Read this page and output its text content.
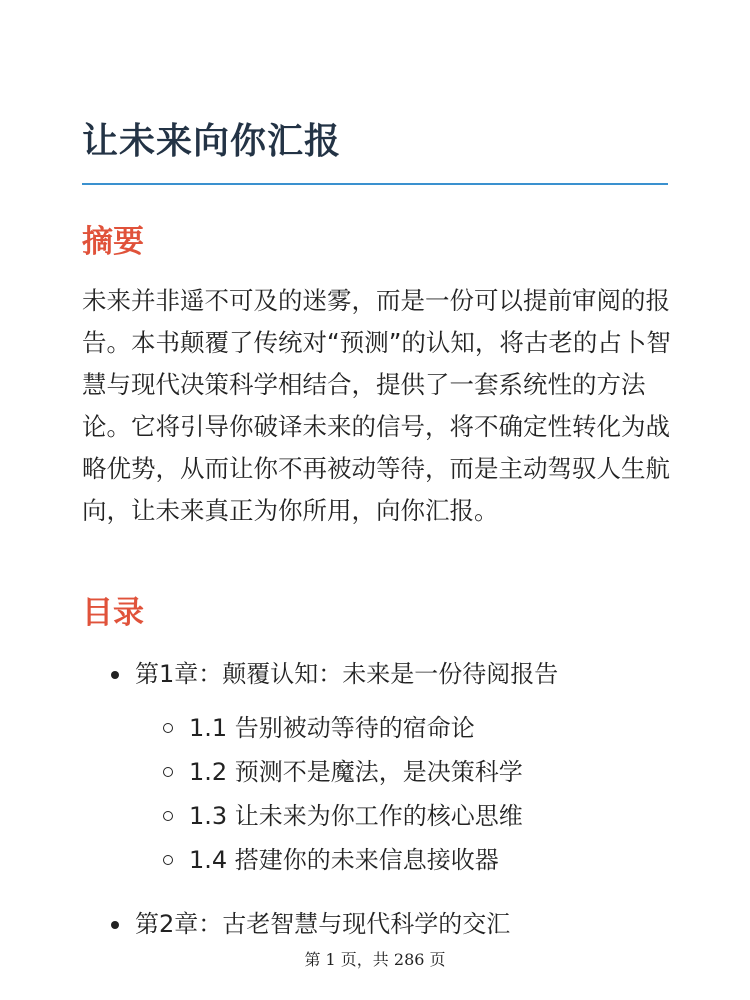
让未来向你汇报
摘要

未来并非遥不可及的迷雾，而是一份可以提前审阅的报告。本书颠覆了传统对“预测”的认知，将古老的占卜智慧与现代决策科学相结合，提供了一套系统性的方法论。它将引导你破译未来的信号，将不确定性转化为战略优势，从而让你不再被动等待，而是主动驾驭人生航向，让未来真正为你所用，向你汇报。

目录
第1章：颠覆认知：未来是一份待阅报告
1.1 告别被动等待的宿命论
1.2 预测不是魔法，是决策科学
1.3 让未来为你工作的核心思维
1.4 搭建你的未来信息接收器
第2章：古老智慧与现代科学的交汇
第 1 页，共 286 页
